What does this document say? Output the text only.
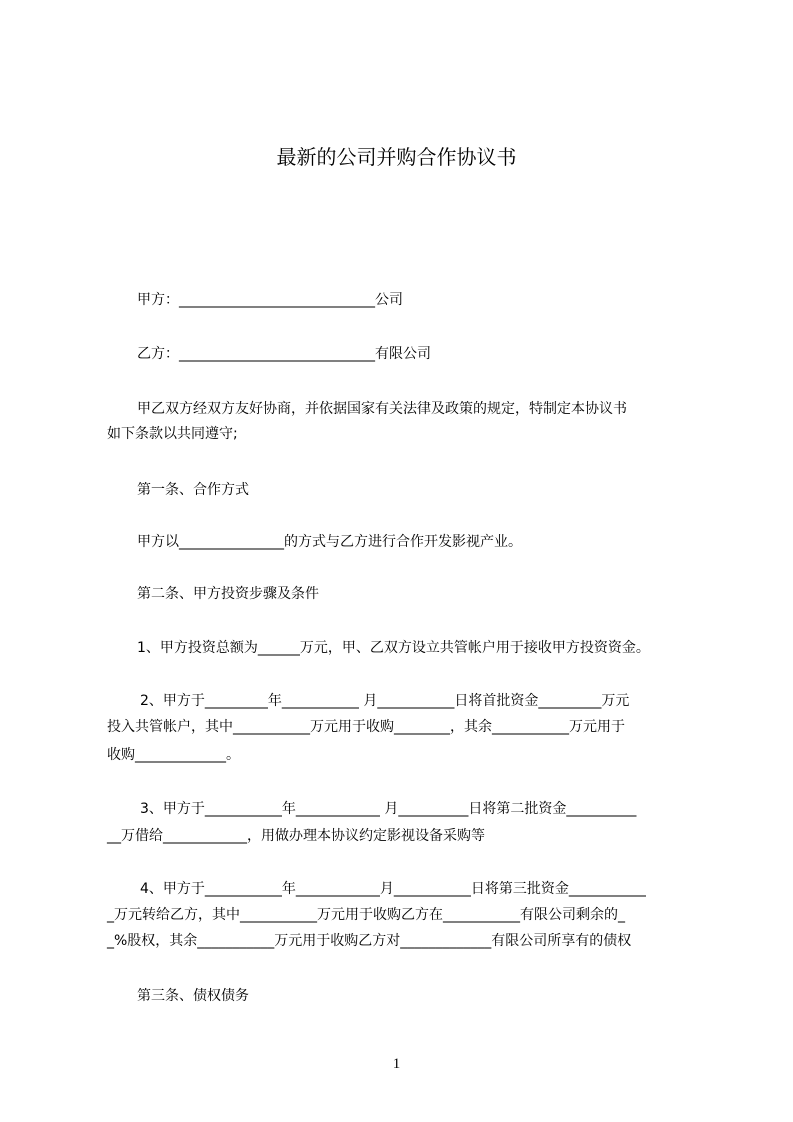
最新的公司并购合作协议书
甲方：____________________________公司
乙方：____________________________有限公司
甲乙双方经双方友好协商，并依据国家有关法律及政策的规定，特制定本协议书
如下条款以共同遵守;
第一条、合作方式
甲方以_______________的方式与乙方进行合作开发影视产业。
第二条、甲方投资步骤及条件
1、甲方投资总额为______万元，甲、乙双方设立共管帐户用于接收甲方投资资金。
2、甲方于_________年___________ 月___________日将首批资金_________万元
投入共管帐户，其中___________万元用于收购________，其余___________万元用于
收购_____________。
3、甲方于___________年____________ 月__________日将第二批资金__________
__万借给____________，用做办理本协议约定影视设备采购等
4、甲方于___________年____________月___________日将第三批资金___________
_万元转给乙方，其中___________万元用于收购乙方在___________有限公司剩余的_
_%股权，其余___________万元用于收购乙方对_____________有限公司所享有的债权
第三条、债权债务
1
